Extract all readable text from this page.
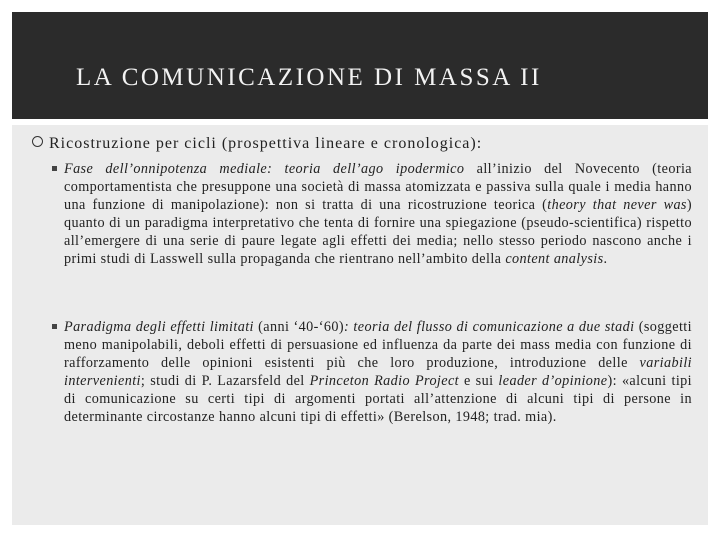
LA COMUNICAZIONE DI MASSA II
Ricostruzione per cicli (prospettiva lineare e cronologica):
Fase dell’onnipotenza mediale: teoria dell’ago ipodermico all’inizio del Novecento (teoria comportamentista che presuppone una società di massa atomizzata e passiva sulla quale i media hanno una funzione di manipolazione): non si tratta di una ricostruzione teorica (theory that never was) quanto di un paradigma interpretativo che tenta di fornire una spiegazione (pseudo-scientifica) rispetto all’emergere di una serie di paure legate agli effetti dei media; nello stesso periodo nascono anche i primi studi di Lasswell sulla propaganda che rientrano nell’ambito della content analysis.
Paradigma degli effetti limitati (anni ‘40-‘60): teoria del flusso di comunicazione a due stadi (soggetti meno manipolabili, deboli effetti di persuasione ed influenza da parte dei mass media con funzione di rafforzamento delle opinioni esistenti più che loro produzione, introduzione delle variabili intervenienti; studi di P. Lazarsfeld del Princeton Radio Project e sui leader d’opinione): «alcuni tipi di comunicazione su certi tipi di argomenti portati all’attenzione di alcuni tipi di persone in determinante circostanze hanno alcuni tipi di effetti» (Berelson, 1948; trad. mia).
